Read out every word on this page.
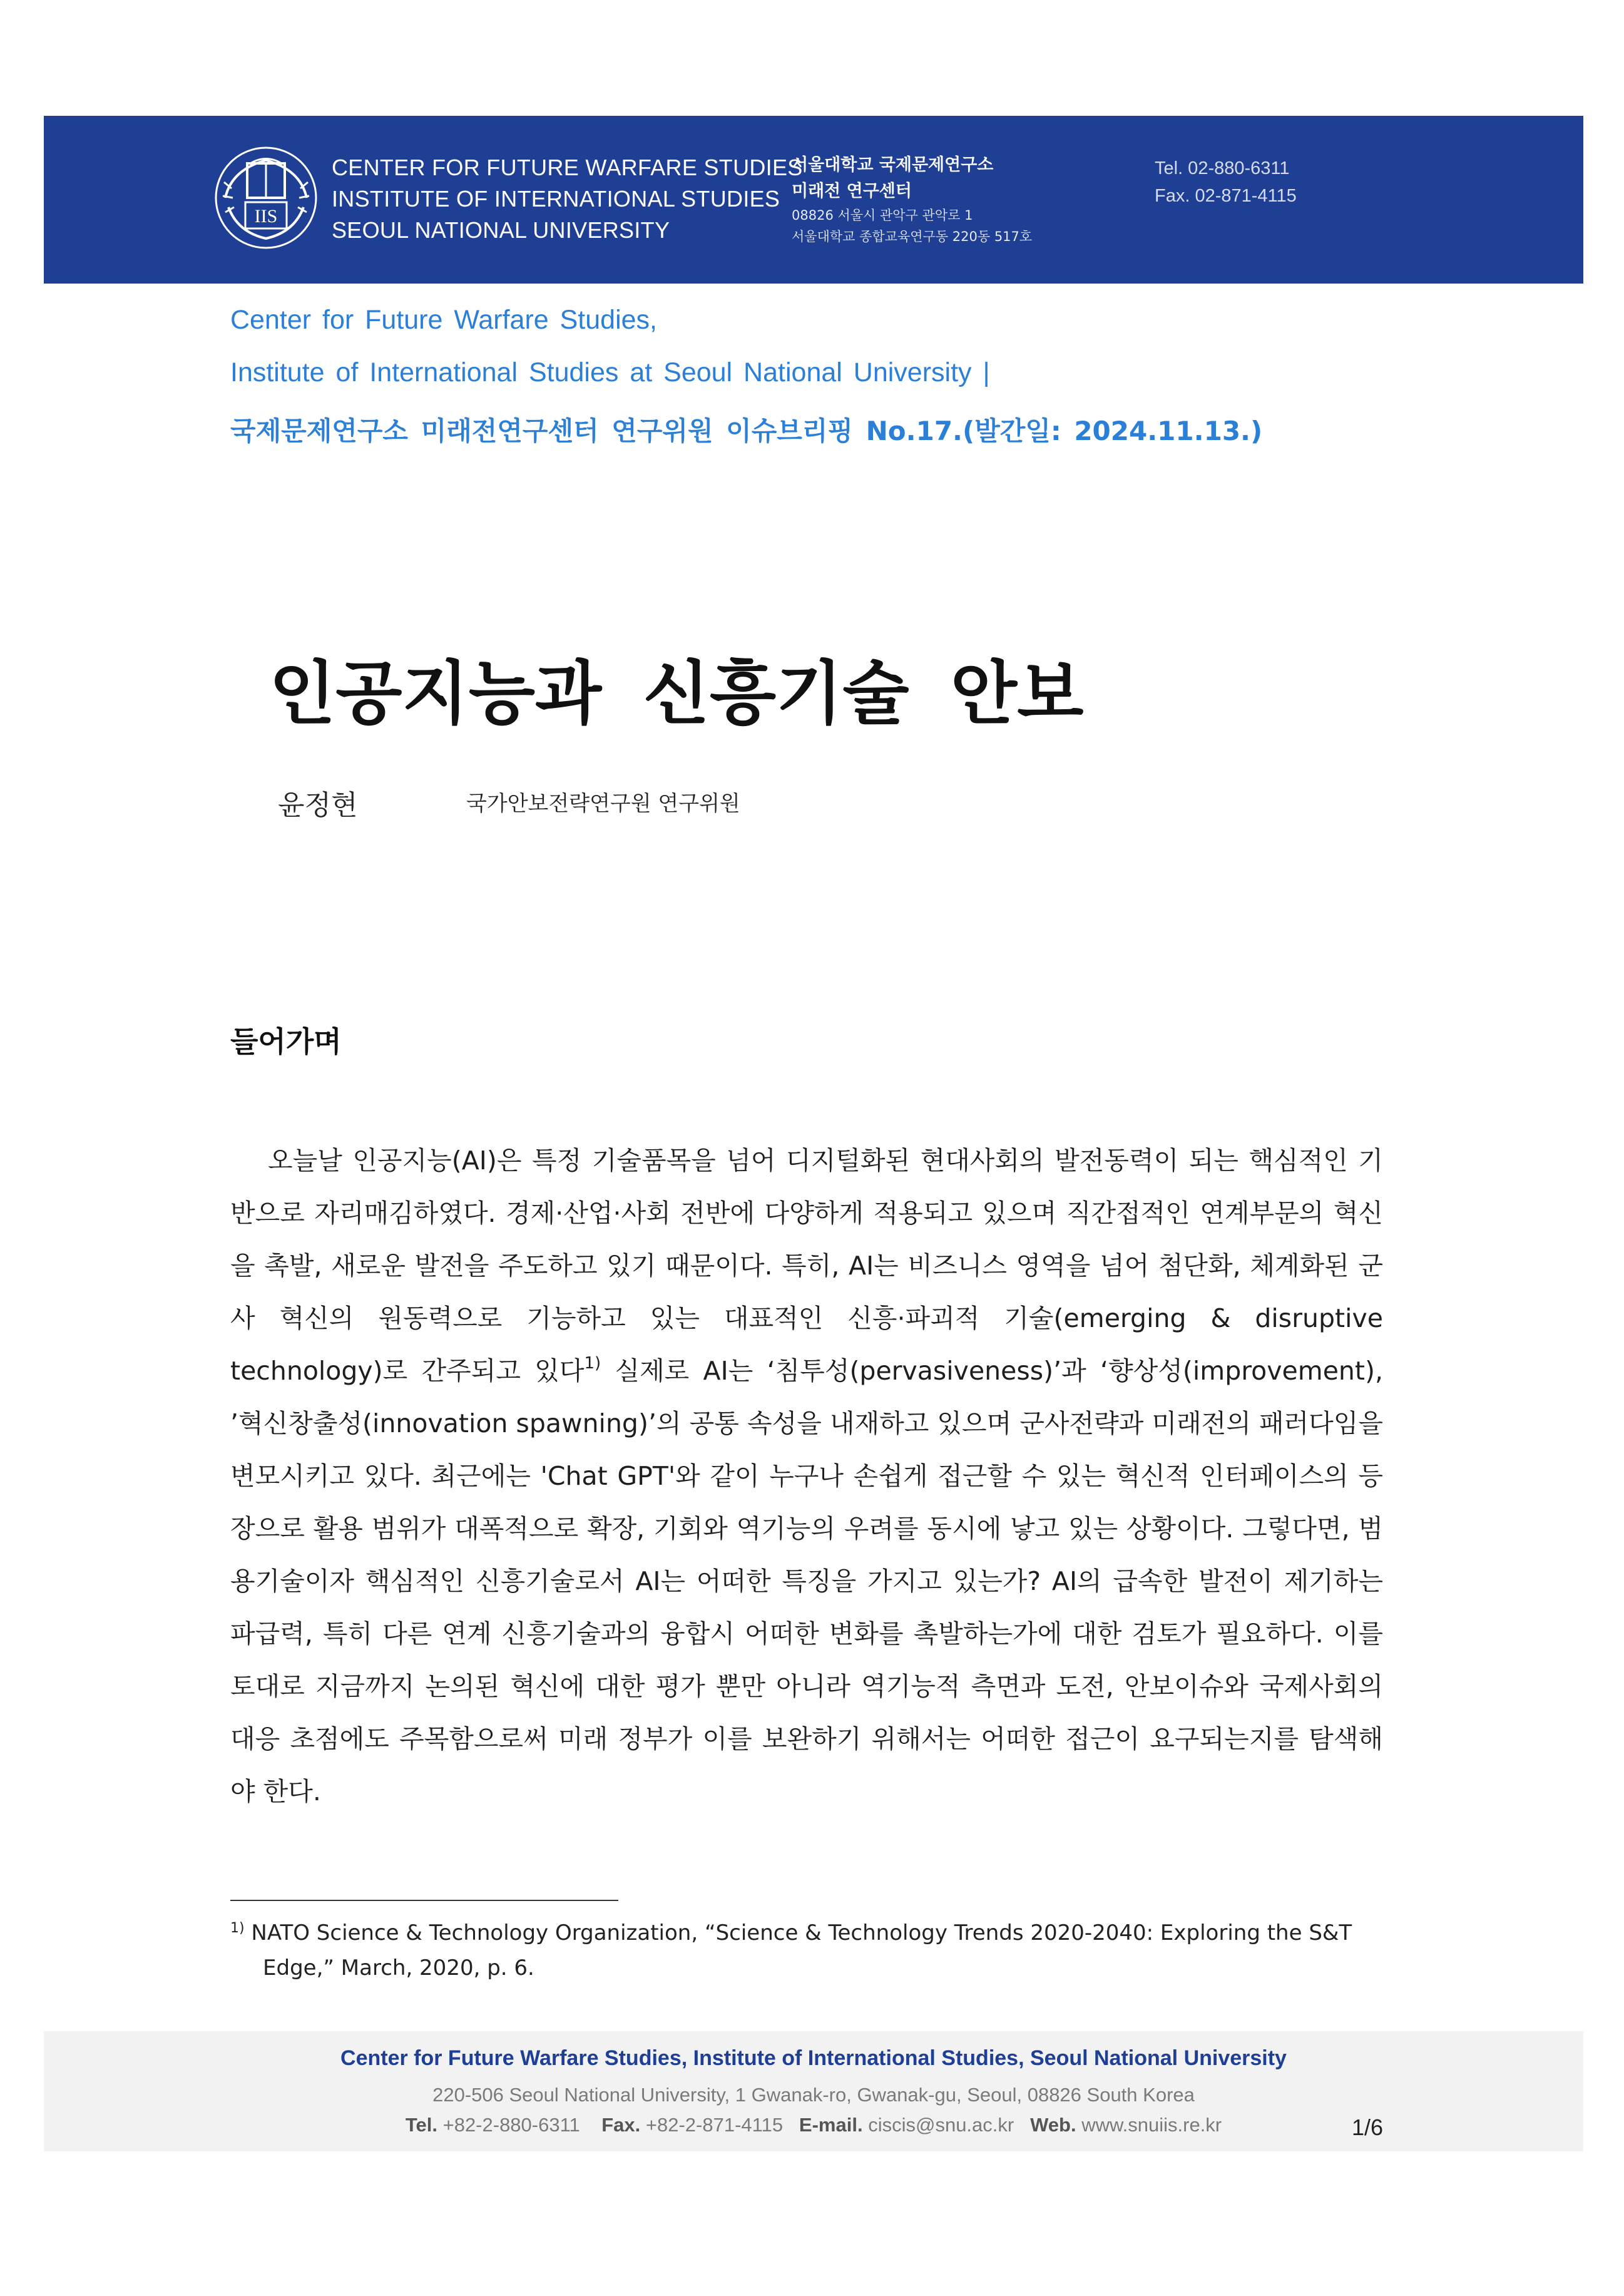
IIS
CENTER FOR FUTURE WARFARE STUDIES
INSTITUTE OF INTERNATIONAL STUDIES
SEOUL NATIONAL UNIVERSITY
서울대학교 국제문제연구소
미래전 연구센터
08826 서울시 관악구 관악로 1
서울대학교 종합교육연구동 220동 517호
Tel. 02-880-6311
Fax. 02-871-4115
Center for Future Warfare Studies,
Institute of International Studies at Seoul National University |
국제문제연구소 미래전연구센터 연구위원 이슈브리핑 No.17.(발간일: 2024.11.13.)
인공지능과 신흥기술 안보
윤정현	국가안보전략연구원 연구위원
들어가며
오늘날 인공지능(AI)은 특정 기술품목을 넘어 디지털화된 현대사회의 발전동력이 되는 핵심적인 기반으로 자리매김하였다. 경제·산업·사회 전반에 다양하게 적용되고 있으며 직간접적인 연계부문의 혁신을 촉발, 새로운 발전을 주도하고 있기 때문이다. 특히, AI는 비즈니스 영역을 넘어 첨단화, 체계화된 군사 혁신의 원동력으로 기능하고 있는 대표적인 신흥·파괴적 기술(emerging & disruptive technology)로 간주되고 있다$^{1)}$ 실제로 AI는 ‘침투성(pervasiveness)’과 ‘향상성(improvement), ’혁신창출성(innovation spawning)’의 공통 속성을 내재하고 있으며 군사전략과 미래전의 패러다임을 변모시키고 있다. 최근에는 'Chat GPT'와 같이 누구나 손쉽게 접근할 수 있는 혁신적 인터페이스의 등장으로 활용 범위가 대폭적으로 확장, 기회와 역기능의 우려를 동시에 낳고 있는 상황이다. 그렇다면, 범용기술이자 핵심적인 신흥기술로서 AI는 어떠한 특징을 가지고 있는가? AI의 급속한 발전이 제기하는 파급력, 특히 다른 연계 신흥기술과의 융합시 어떠한 변화를 촉발하는가에 대한 검토가 필요하다. 이를 토대로 지금까지 논의된 혁신에 대한 평가 뿐만 아니라 역기능적 측면과 도전, 안보이슈와 국제사회의 대응 초점에도 주목함으로써 미래 정부가 이를 보완하기 위해서는 어떠한 접근이 요구되는지를 탐색해야 한다.
$^{1)}$ NATO Science & Technology Organization, “Science & Technology Trends 2020-2040: Exploring the S&T
Edge,” March, 2020, p. 6.
Center for Future Warfare Studies, Institute of International Studies, Seoul National University
220-506 Seoul National University, 1 Gwanak-ro, Gwanak-gu, Seoul, 08826 South Korea
Tel. +82-2-880-6311 Fax. +82-2-871-4115 E-mail. ciscis@snu.ac.kr Web. www.snuiis.re.kr	1/6
